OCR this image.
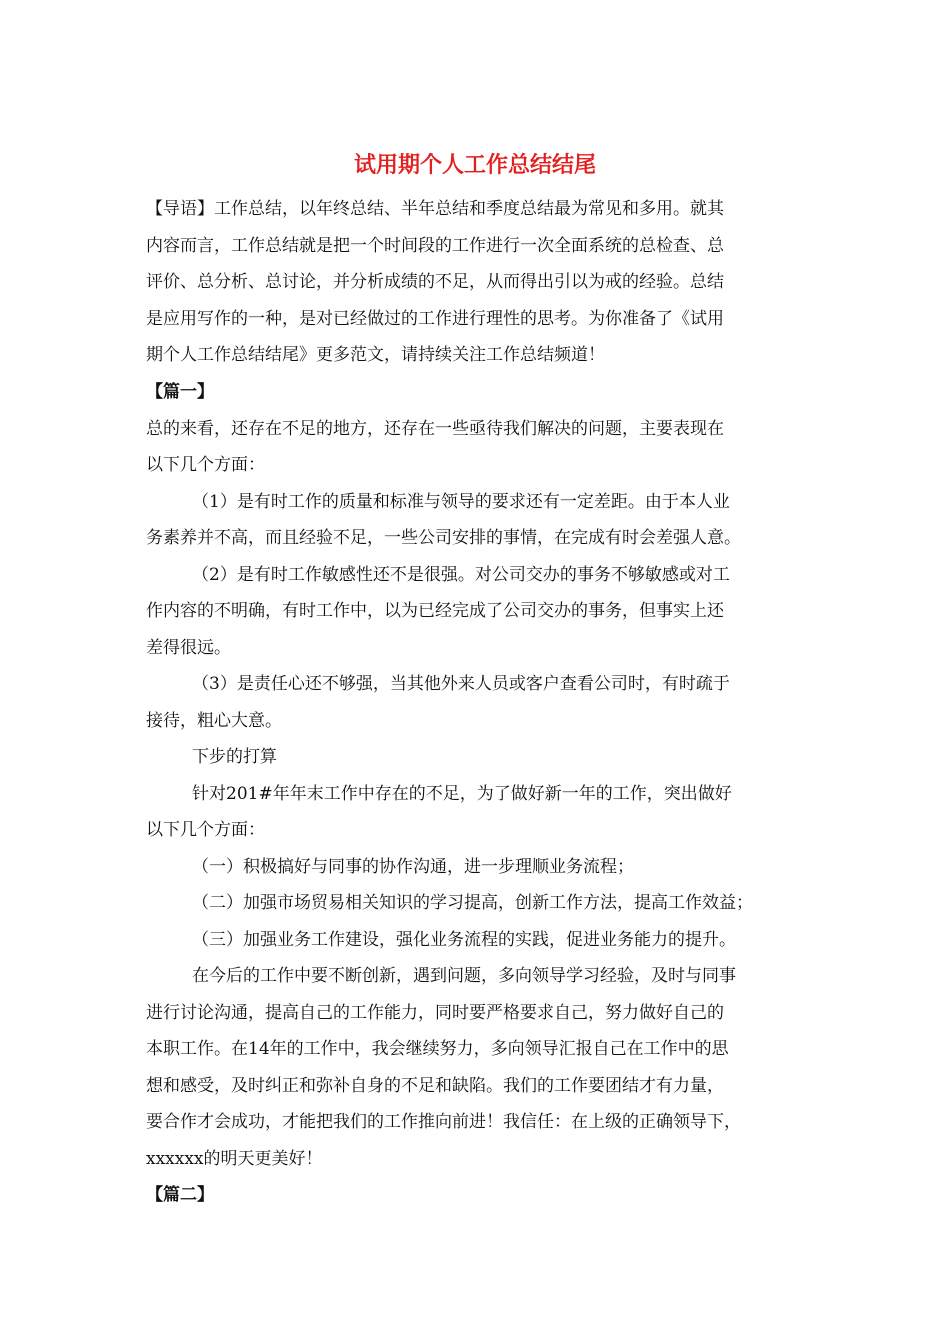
试用期个人工作总结结尾
【导语】工作总结，以年终总结、半年总结和季度总结最为常见和多用。就其
内容而言，工作总结就是把一个时间段的工作进行一次全面系统的总检查、总
评价、总分析、总讨论，并分析成绩的不足，从而得出引以为戒的经验。总结
是应用写作的一种，是对已经做过的工作进行理性的思考。为你准备了《试用
期个人工作总结结尾》更多范文，请持续关注工作总结频道！
【篇一】
总的来看，还存在不足的地方，还存在一些亟待我们解决的问题，主要表现在
以下几个方面：
（1）是有时工作的质量和标准与领导的要求还有一定差距。由于本人业
务素养并不高，而且经验不足，一些公司安排的事情，在完成有时会差强人意。
（2）是有时工作敏感性还不是很强。对公司交办的事务不够敏感或对工
作内容的不明确，有时工作中，以为已经完成了公司交办的事务，但事实上还
差得很远。
（3）是责任心还不够强，当其他外来人员或客户查看公司时，有时疏于
接待，粗心大意。
下步的打算
针对201#年年末工作中存在的不足，为了做好新一年的工作，突出做好
以下几个方面：
（一）积极搞好与同事的协作沟通，进一步理顺业务流程；
（二）加强市场贸易相关知识的学习提高，创新工作方法，提高工作效益；
（三）加强业务工作建设，强化业务流程的实践，促进业务能力的提升。
在今后的工作中要不断创新，遇到问题，多向领导学习经验，及时与同事
进行讨论沟通，提高自己的工作能力，同时要严格要求自己，努力做好自己的
本职工作。在14年的工作中，我会继续努力，多向领导汇报自己在工作中的思
想和感受，及时纠正和弥补自身的不足和缺陷。我们的工作要团结才有力量，
要合作才会成功，才能把我们的工作推向前进！我信任：在上级的正确领导下，
xxxxxx的明天更美好！
【篇二】
